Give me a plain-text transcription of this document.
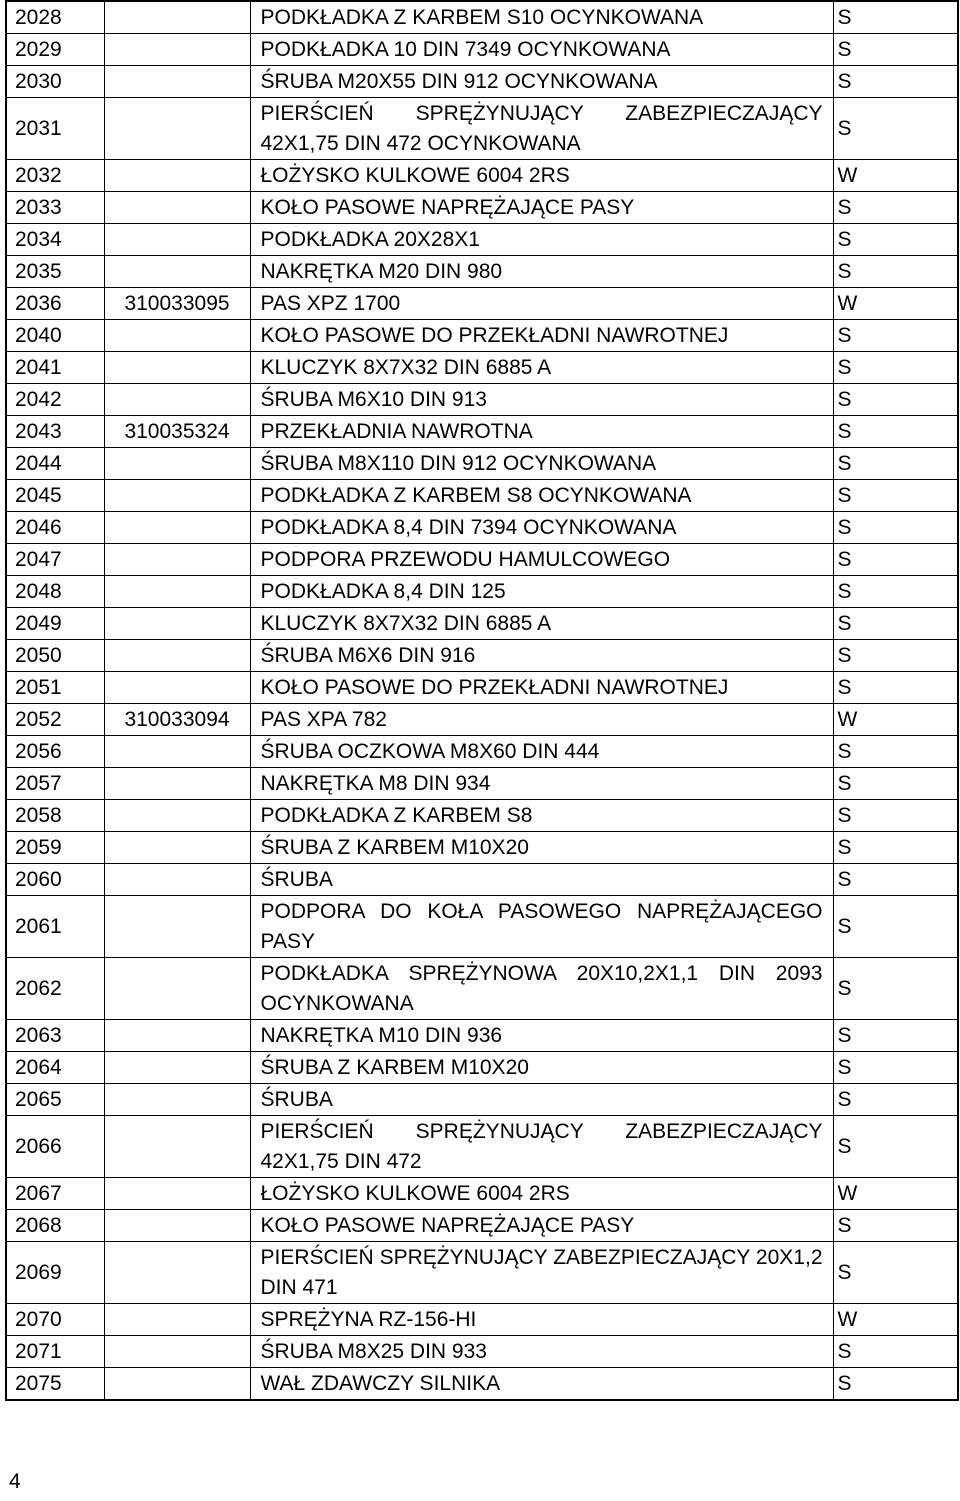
2028		PODKŁADKA Z KARBEM S10 OCYNKOWANA	S
2029		PODKŁADKA 10 DIN 7349 OCYNKOWANA	S
2030		ŚRUBA M20X55 DIN 912 OCYNKOWANA	S
2031		PIERŚCIEŃ SPRĘŻYNUJĄCY ZABEZPIECZAJĄCY 42X1,75 DIN 472 OCYNKOWANA	S
2032		ŁOŻYSKO KULKOWE 6004 2RS	W
2033		KOŁO PASOWE NAPRĘŻAJĄCE PASY	S
2034		PODKŁADKA 20X28X1	S
2035		NAKRĘTKA M20 DIN 980	S
2036	310033095	PAS XPZ 1700	W
2040		KOŁO PASOWE DO PRZEKŁADNI NAWROTNEJ	S
2041		KLUCZYK 8X7X32 DIN 6885 A	S
2042		ŚRUBA M6X10 DIN 913	S
2043	310035324	PRZEKŁADNIA NAWROTNA	S
2044		ŚRUBA M8X110 DIN 912 OCYNKOWANA	S
2045		PODKŁADKA Z KARBEM S8 OCYNKOWANA	S
2046		PODKŁADKA 8,4 DIN 7394 OCYNKOWANA	S
2047		PODPORA PRZEWODU HAMULCOWEGO	S
2048		PODKŁADKA 8,4 DIN 125	S
2049		KLUCZYK 8X7X32 DIN 6885 A	S
2050		ŚRUBA M6X6 DIN 916	S
2051		KOŁO PASOWE DO PRZEKŁADNI NAWROTNEJ	S
2052	310033094	PAS XPA 782	W
2056		ŚRUBA OCZKOWA M8X60 DIN 444	S
2057		NAKRĘTKA M8 DIN 934	S
2058		PODKŁADKA Z KARBEM S8	S
2059		ŚRUBA Z KARBEM M10X20	S
2060		ŚRUBA	S
2061		PODPORA DO KOŁA PASOWEGO NAPRĘŻAJĄCEGO PASY	S
2062		PODKŁADKA SPRĘŻYNOWA 20X10,2X1,1 DIN 2093 OCYNKOWANA	S
2063		NAKRĘTKA M10 DIN 936	S
2064		ŚRUBA Z KARBEM M10X20	S
2065		ŚRUBA	S
2066		PIERŚCIEŃ SPRĘŻYNUJĄCY ZABEZPIECZAJĄCY 42X1,75 DIN 472	S
2067		ŁOŻYSKO KULKOWE 6004 2RS	W
2068		KOŁO PASOWE NAPRĘŻAJĄCE PASY	S
2069		PIERŚCIEŃ SPRĘŻYNUJĄCY ZABEZPIECZAJĄCY 20X1,2 DIN 471	S
2070		SPRĘŻYNA RZ-156-HI	W
2071		ŚRUBA M8X25 DIN 933	S
2075		WAŁ ZDAWCZY SILNIKA	S
4
